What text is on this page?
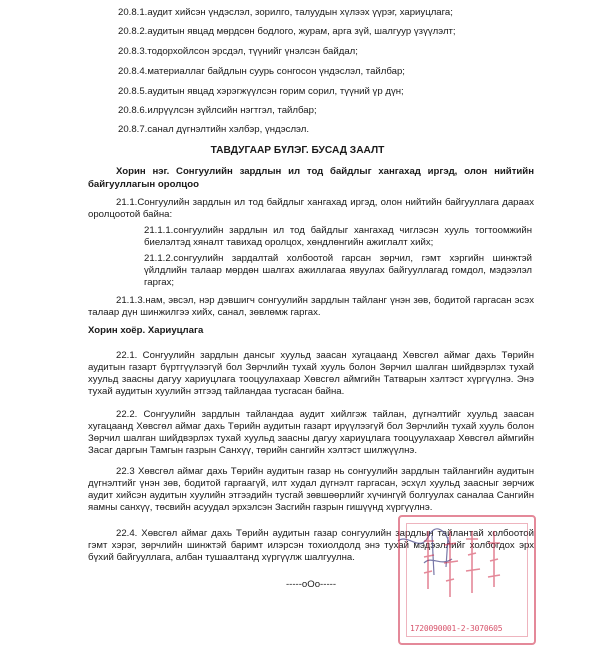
20.8.1.аудит хийсэн үндэслэл, зорилго, талуудын хүлээх үүрэг, хариуцлага;
20.8.2.аудитын явцад мөрдсөн бодлого, журам, арга зүй, шалгуур үзүүлэлт;
20.8.3.тодорхойлсон эрсдэл, түүнийг үнэлсэн байдал;
20.8.4.материаллаг байдлын суурь сонгосон үндэслэл, тайлбар;
20.8.5.аудитын явцад хэрэгжүүлсэн горим сорил, түүний үр дүн;
20.8.6.илрүүлсэн зүйлсийн нэгтгэл, тайлбар;
20.8.7.санал дүгнэлтийн хэлбэр, үндэслэл.
ТАВДУГААР БҮЛЭГ. БУСАД ЗААЛТ
Хорин нэг. Сонгуулийн зардлын ил тод байдлыг хангахад иргэд, олон нийтийн байгууллагын оролцоо
21.1.Сонгуулийн зардлын ил тод байдлыг хангахад иргэд, олон нийтийн байгууллага дараах оролцоотой байна:
21.1.1.сонгуулийн зардлын ил тод байдлыг хангахад чиглэсэн хууль тогтоомжийн биелэлтэд хяналт тавихад оролцох, хөндлөнгийн ажиглалт хийх;
21.1.2.сонгуулийн зардалтай холбоотой гарсан зөрчил, гэмт хэргийн шинжтэй үйлдлийн талаар мөрдөн шалгах ажиллагаа явуулах байгууллагад гомдол, мэдээлэл гаргах;
21.1.3.нам, эвсэл, нэр дэвшигч сонгуулийн зардлын тайланг үнэн зөв, бодитой гаргасан эсэх талаар дүн шинжилгээ хийх, санал, зөвлөмж гаргах.
Хорин хоёр. Хариуцлага
22.1. Сонгуулийн зардлын дансыг хуульд заасан хугацаанд Хөвсгөл аймаг дахь Төрийн аудитын газарт бүртгүүлээгүй бол Зөрчлийн тухай хууль болон Зөрчил шалган шийдвэрлэх тухай хуульд заасны дагуу хариуцлага тооцуулахаар Хөвсгөл аймгийн Татварын хэлтэст хүргүүлнэ. Энэ тухай аудитын хуулийн этгээд тайландаа тусгасан байна.
22.2. Сонгуулийн зардлын тайландаа аудит хийлгэж тайлан, дүгнэлтийг хуульд заасан хугацаанд Хөвсгөл аймаг дахь Төрийн аудитын газарт ирүүлээгүй бол Зөрчлийн тухай хууль болон Зөрчил шалган шийдвэрлэх тухай хуульд заасны дагуу хариуцлага тооцуулахаар Хөвсгөл аймгийн Засаг даргын Тамгын газрын Санхүү, төрийн сангийн хэлтэст шилжүүлнэ.
22.3 Хөвсгөл аймаг дахь Төрийн аудитын газар нь сонгуулийн зардлын тайлангийн аудитын дүгнэлтийг үнэн зөв, бодитой гаргаагүй, илт худал дүгнэлт гаргасан, эсхүл хуульд заасныг зөрчиж аудит хийсэн аудитын хуулийн этгээдийн тусгай зөвшөөрлийг хүчингүй болгуулах саналаа Сангийн яамны санхүү, төсвийн асуудал эрхэлсэн Засгийн газрын гишүүнд хүргүүлнэ.
22.4. Хөвсгөл аймаг дахь Төрийн аудитын газар сонгуулийн зардлын тайлантай холбоотой гэмт хэрэг, зөрчлийн шинжтэй баримт илэрсэн тохиолдолд энэ тухай мэдээллийг холбогдох эрх бүхий байгууллага, албан тушаалтанд хүргүүлж шалгуулна.
-----оОо-----
1720090001-2-3070605
